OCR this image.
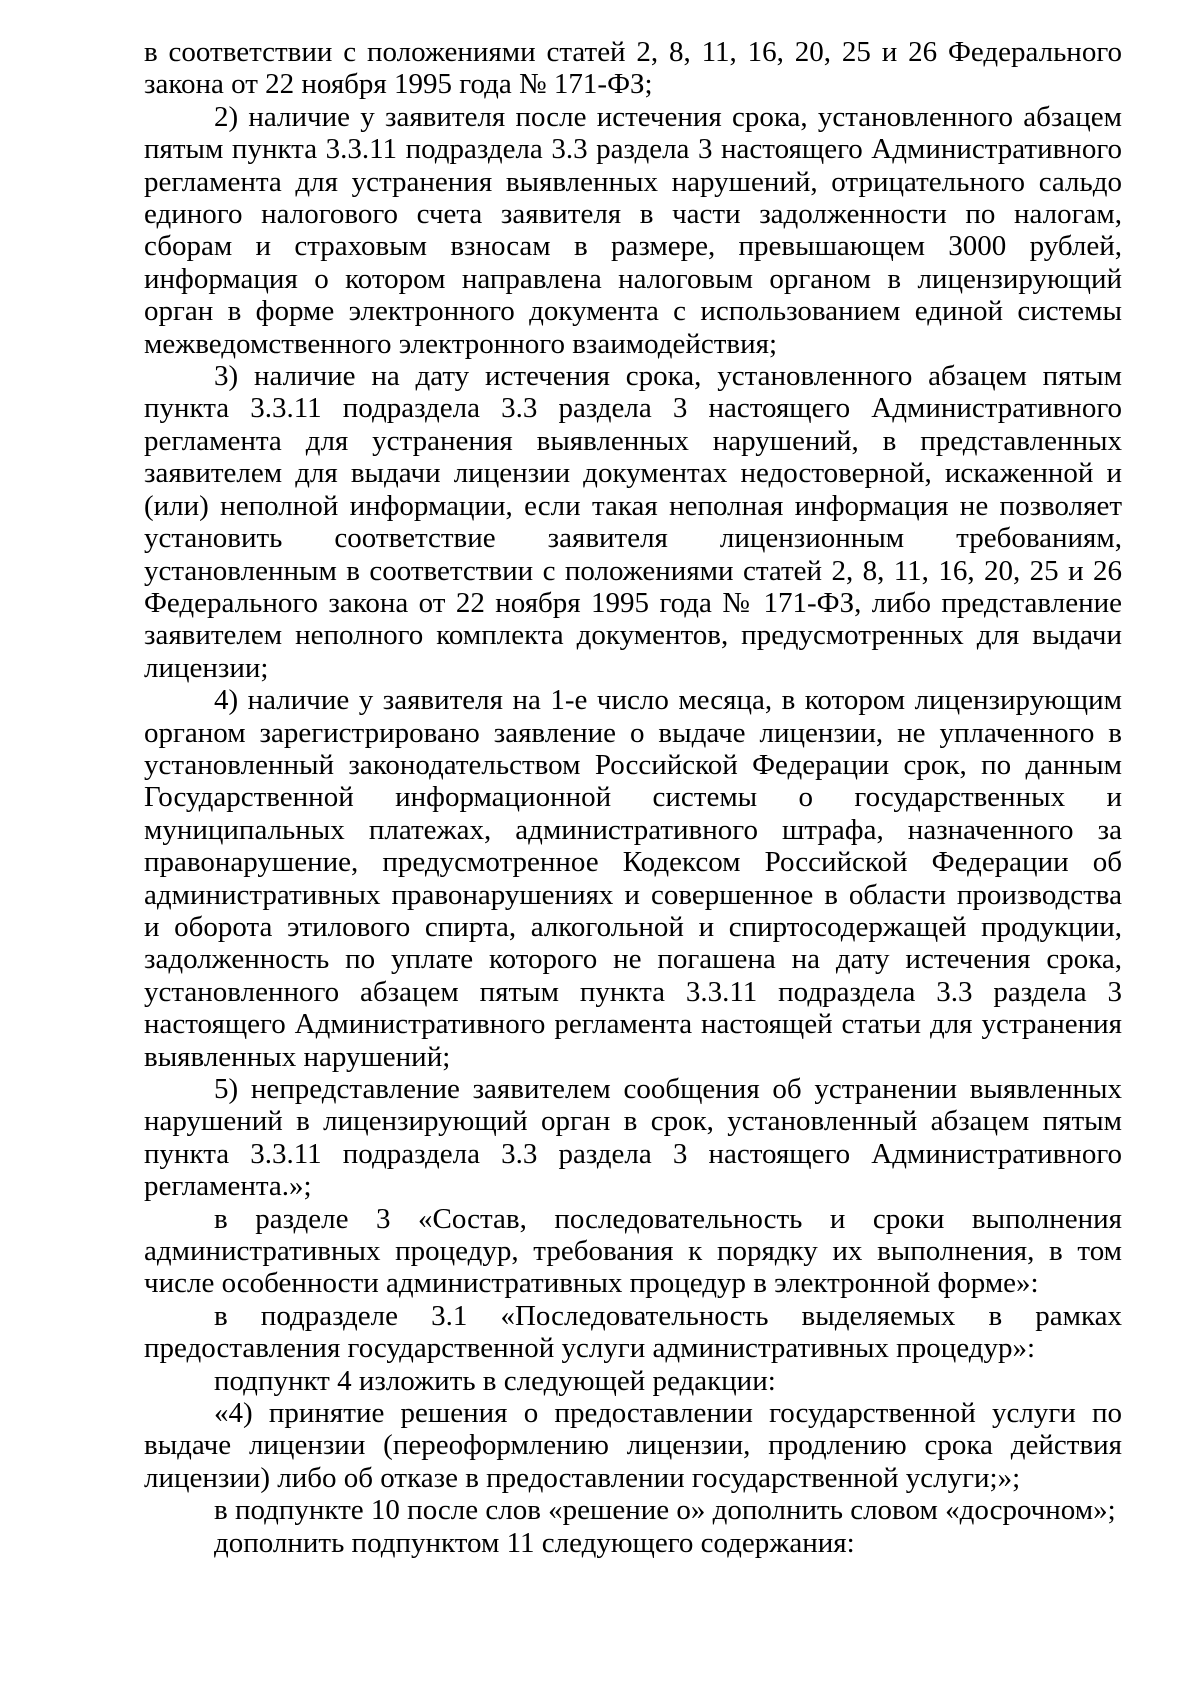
в соответствии с положениями статей 2, 8, 11, 16, 20, 25 и 26 Федерального закона от 22 ноября 1995 года № 171-ФЗ;

2) наличие у заявителя после истечения срока, установленного абзацем пятым пункта 3.3.11 подраздела 3.3 раздела 3 настоящего Административного регламента для устранения выявленных нарушений, отрицательного сальдо единого налогового счета заявителя в части задолженности по налогам, сборам и страховым взносам в размере, превышающем 3000 рублей, информация о котором направлена налоговым органом в лицензирующий орган в форме электронного документа с использованием единой системы межведомственного электронного взаимодействия;

3) наличие на дату истечения срока, установленного абзацем пятым пункта 3.3.11 подраздела 3.3 раздела 3 настоящего Административного регламента для устранения выявленных нарушений, в представленных заявителем для выдачи лицензии документах недостоверной, искаженной и (или) неполной информации, если такая неполная информация не позволяет установить соответствие заявителя лицензионным требованиям, установленным в соответствии с положениями статей 2, 8, 11, 16, 20, 25 и 26 Федерального закона от 22 ноября 1995 года № 171-ФЗ, либо представление заявителем неполного комплекта документов, предусмотренных для выдачи лицензии;

4) наличие у заявителя на 1-е число месяца, в котором лицензирующим органом зарегистрировано заявление о выдаче лицензии, не уплаченного в установленный законодательством Российской Федерации срок, по данным Государственной информационной системы о государственных и муниципальных платежах, административного штрафа, назначенного за правонарушение, предусмотренное Кодексом Российской Федерации об административных правонарушениях и совершенное в области производства и оборота этилового спирта, алкогольной и спиртосодержащей продукции, задолженность по уплате которого не погашена на дату истечения срока, установленного абзацем пятым пункта 3.3.11 подраздела 3.3 раздела 3 настоящего Административного регламента настоящей статьи для устранения выявленных нарушений;

5) непредставление заявителем сообщения об устранении выявленных нарушений в лицензирующий орган в срок, установленный абзацем пятым пункта 3.3.11 подраздела 3.3 раздела 3 настоящего Административного регламента.»;

в разделе 3 «Состав, последовательность и сроки выполнения административных процедур, требования к порядку их выполнения, в том числе особенности административных процедур в электронной форме»:

в подразделе 3.1 «Последовательность выделяемых в рамках предоставления государственной услуги административных процедур»:

подпункт 4 изложить в следующей редакции:

«4) принятие решения о предоставлении государственной услуги по выдаче лицензии (переоформлению лицензии, продлению срока действия лицензии) либо об отказе в предоставлении государственной услуги;»;

в подпункте 10 после слов «решение о» дополнить словом «досрочном»;

дополнить подпунктом 11 следующего содержания:
